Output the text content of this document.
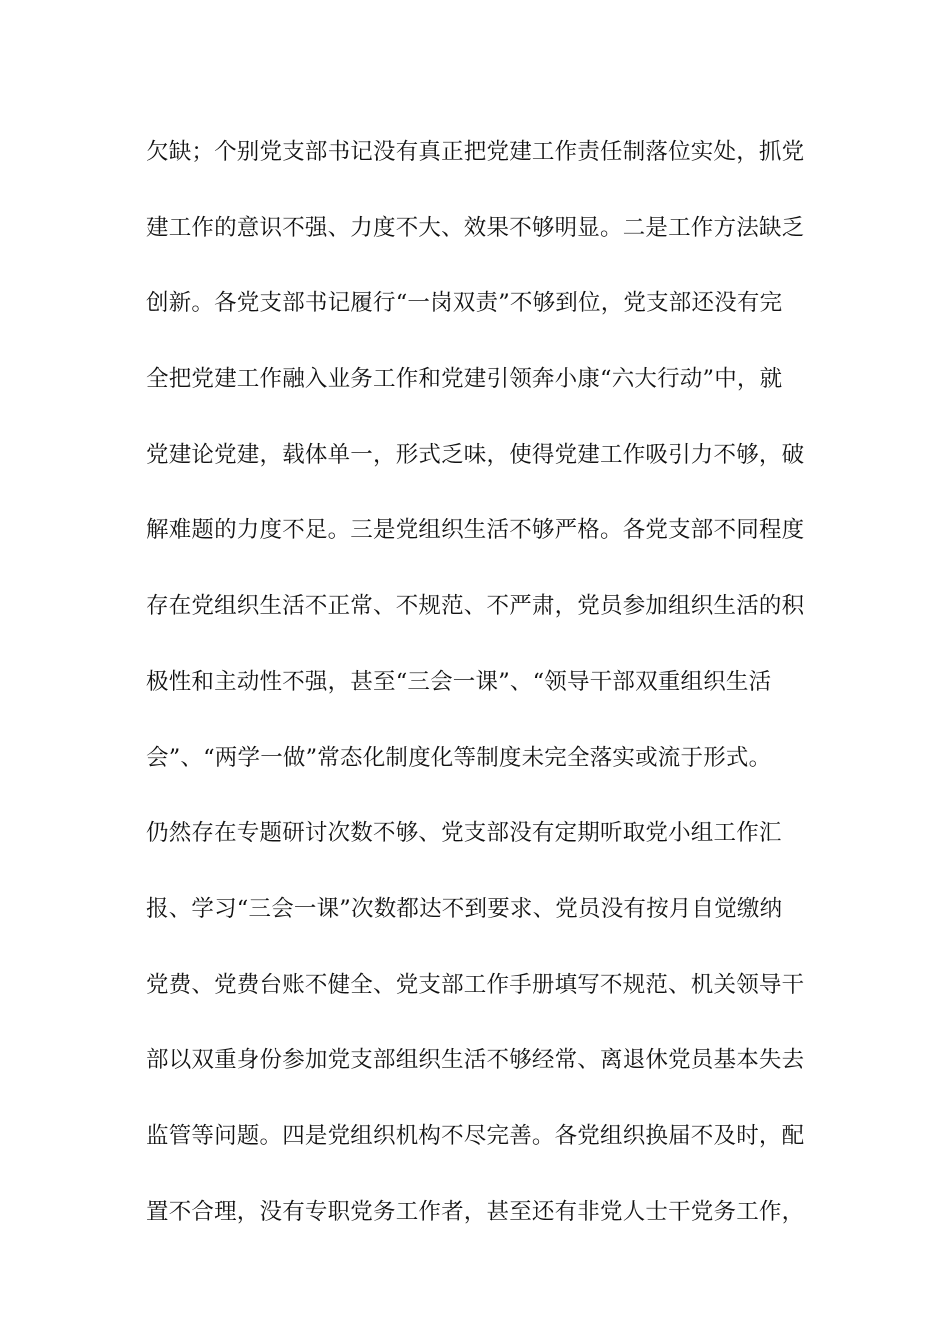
欠缺；个别党支部书记没有真正把党建工作责任制落位实处，抓党
建工作的意识不强、力度不大、效果不够明显。二是工作方法缺乏
创新。各党支部书记履行“一岗双责”不够到位，党支部还没有完
全把党建工作融入业务工作和党建引领奔小康“六大行动”中，就
党建论党建，载体单一，形式乏味，使得党建工作吸引力不够，破
解难题的力度不足。三是党组织生活不够严格。各党支部不同程度
存在党组织生活不正常、不规范、不严肃，党员参加组织生活的积
极性和主动性不强，甚至“三会一课”、“领导干部双重组织生活
会”、“两学一做”常态化制度化等制度未完全落实或流于形式。
仍然存在专题研讨次数不够、党支部没有定期听取党小组工作汇
报、学习“三会一课”次数都达不到要求、党员没有按月自觉缴纳
党费、党费台账不健全、党支部工作手册填写不规范、机关领导干
部以双重身份参加党支部组织生活不够经常、离退休党员基本失去
监管等问题。四是党组织机构不尽完善。各党组织换届不及时，配
置不合理，没有专职党务工作者，甚至还有非党人士干党务工作，
